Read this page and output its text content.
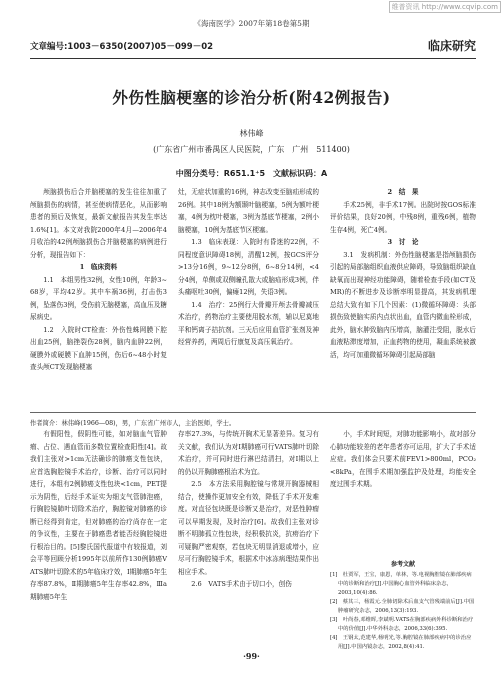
维普资讯 http://www.cqvip.com
《海南医学》2007年第18卷第5期
文章编号:1003－6350(2007)05－099－02	临床研究
外伤性脑梗塞的诊治分析(附42例报告)
林伟峰
(广东省广州市番禺区人民医院，广东　广州　511400)
中图分类号：R651.1⁺5　文献标识码：A

颅脑损伤后合并脑梗塞的发生往往加重了颅脑损伤的病情，甚至使病情恶化，从而影响患者的预后及恢复，最新文献报告其发生率达1.6%[1]。本文对我院2000年4月—2006年4月收治的42例颅脑损伤合并脑梗塞的病例进行分析，现报告如下：

1　临床资料

1.1　本组男性32例，女性10例，年龄3~68岁，平均42岁。其中车祸36例，打击伤3例，坠落伤3例，受伤前无脑梗塞，高血压及糖尿病史。

1.2　入院时CT检查：外伤性蛛网膜下腔出血25例，脑挫裂伤28例，脑内血肿22例，硬膜外或硬膜下血肿15例，伤后6~48小时复查头颅CT发现脑梗塞

灶，无症状加重的16例，神志改变至脑疝形成的26例。其中18例为额颞叶脑梗塞，5例为额叶梗塞，4例为枕叶梗塞，3例为基底节梗塞，2例小脑梗塞，10例为基底节区梗塞。

1.3　临床表现：入院时有昏迷的22例，不同程度意识障碍18例，清醒12例，按GCS评分>13分16例，9~12分8例，6~8分14例，<4分4例，单侧或双侧瞳孔散大或脑疝形成3例，伴头痛呕吐30例，偏瘫12例，失语3例。

1.4　治疗：25例行大骨瓣开颅去骨瓣减压术治疗，药物治疗主要使用脱水剂，辅以尼莫地平和钙离子拮抗剂。三天后应用血管扩张剂及神经营养药，两周后行康复及高压氧治疗。

2　结　果

手术25例，非手术17例。出院时按GOS标准评价结果，良好20例，中残8例，重残6例，植物生存4例，死亡4例。

3　讨　论

3.1　发病机制：外伤性脑梗塞是指颅脑损伤引起的局部脑组织血液供应障碍，导致脑组织缺血缺氧而出现神经功能障碍，随着检查手段(如CT及MR)的不断进步及诊断率明显提高，其发病机理总结大致有如下几个因素：(1)微循环障碍：头部损伤致使脑实质内点状出血，血管内微血栓形成，此外，脑水肿致脑内压增高，脑灌注受阻，脱水后血液粘滞度增加，正血药物的使用，凝血系统被激活，均可加重微循环障碍引起局部脑

作者简介：林伟峰(1966—08)，男，广东省广州市人，主治医师，学士。

有假阳性，假阴性可能，如对脑血气管肿瘤、占位、遇血管而多数位置检查阳性[4]。故我们主张对>1cm无法确诊的肺癌支性包块，应首选胸腔镜手术治疗，诊断、治疗可以同时进行，本组有2例肺癌支性包块<1cm，PET提示为阴性，后经手术证实为细支气管肺泡癌，行胸腔镜肺叶切除术治疗，胸腔镜对肺癌的诊断已经得到肯定，但对肺癌的治疗尚存在一定的争议性，主要在于肺癌患者能否经胸腔镜进行根治目的。[5]黎氏国代报道中有较报道，刘会平等回顾分析1995年以前所作130例肺癌VATS肺叶切除术的5年临床疗效，Ⅰ期肺癌5年生存率87.8%，Ⅱ期肺癌5年生存率42.8%，Ⅲa期肺癌5年生

存率27.3%，与传统开胸术无显著差异。复习有关文献，我们认为对Ⅰ期肺癌可行VATS肺叶切除术治疗，并可同时进行淋巴结清扫，对Ⅰ期以上的仍以开胸肺癌根治术为宜。

2.5　本方法采用胸腔镜与常规开胸器械相结合，使操作更加安全有效，降低了手术开发难度。对直径包块既是诊断又是治疗，对恶性肿瘤可以早期发现，及时治疗[6]。故我们主张对诊断不明肺孤立性包块，经积极抗炎，抗痨治疗下可疑胸严密观察，若包块无明显消退或增小，应尽可行胸腔镜手术，根据术中冰冻病理结果作出相应手术。

2.6　VATS手术由于切口小，创伤

小，手术时间短，对肺功能影响小，故对部分心肺功能较差的老年患者亦可运用，扩大了手术适应症。我们体会只要术前FEV1>800ml，PCO₂<8kPa，在围手术期加强监护及处理，均能安全度过围手术期。

参考文献
[1]　杜贾军，王宝，康恩，单林，等.电视胸腔镜在肺部疾病中的诊断和治疗[J].中国胸心血管外科临床杂志，2003,10(4):86.
[2]　蔡其三，杨霞元.全肺切除术后血支气管残端前后[J].中国肿瘤研究杂志，2006,13(3):193.
[3]　叶尚春,邓维晖,李斌明.VATS在胸部疾病外科诊断和治疗中的价值[J].中华外科杂志，2006,33(6):395.
[4]　王钢太,范建华,杨明光,等.胸腔镜在肺部疾病中的诊治应用[J].中国内镜杂志，2002,8(4):41.
·99·
